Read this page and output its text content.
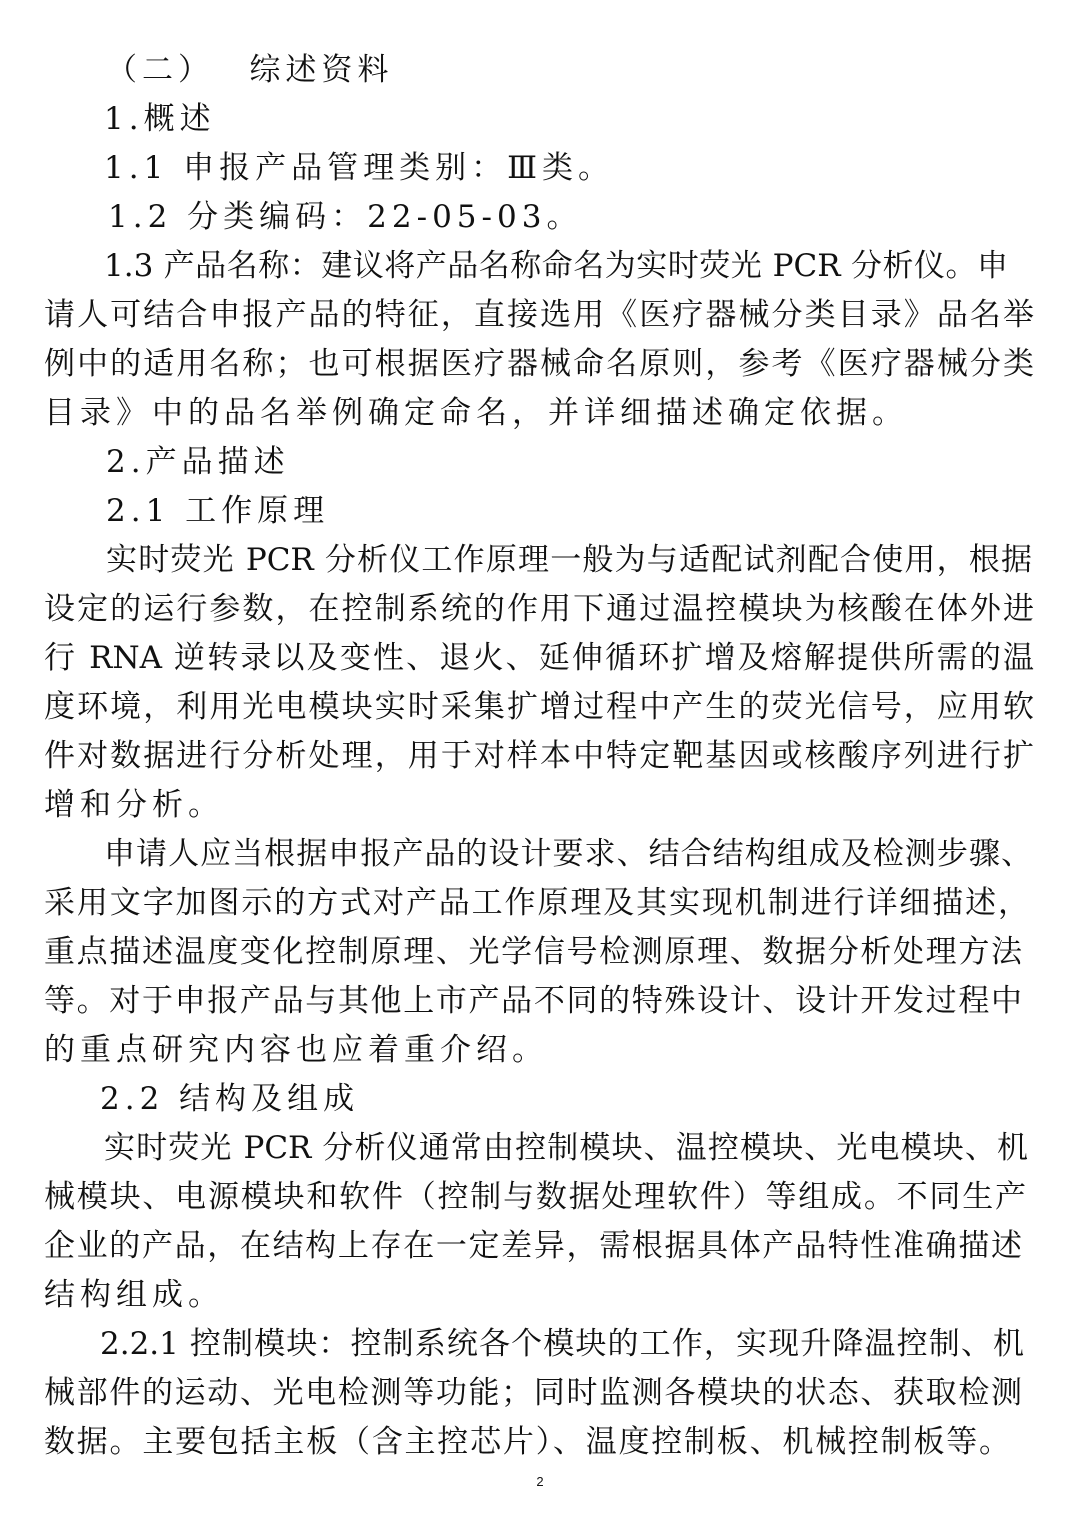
（二）　 综述资料
1.概述
1.1 申报产品管理类别：Ⅲ类。
1.2 分类编码：22-05-03。
1.3 产品名称：建议将产品名称命名为实时荧光 PCR 分析仪。申
请人可结合申报产品的特征，直接选用《医疗器械分类目录》品名举
例中的适用名称；也可根据医疗器械命名原则，参考《医疗器械分类
目录》中的品名举例确定命名，并详细描述确定依据。
2.产品描述
2.1 工作原理
实时荧光 PCR 分析仪工作原理一般为与适配试剂配合使用，根据
设定的运行参数，在控制系统的作用下通过温控模块为核酸在体外进
行 RNA 逆转录以及变性、退火、延伸循环扩增及熔解提供所需的温
度环境，利用光电模块实时采集扩增过程中产生的荧光信号，应用软
件对数据进行分析处理，用于对样本中特定靶基因或核酸序列进行扩
增和分析。
申请人应当根据申报产品的设计要求、结合结构组成及检测步骤、
采用文字加图示的方式对产品工作原理及其实现机制进行详细描述，
重点描述温度变化控制原理、光学信号检测原理、数据分析处理方法
等。对于申报产品与其他上市产品不同的特殊设计、设计开发过程中
的重点研究内容也应着重介绍。
2.2 结构及组成
实时荧光 PCR 分析仪通常由控制模块、温控模块、光电模块、机
械模块、电源模块和软件（控制与数据处理软件）等组成。不同生产
企业的产品，在结构上存在一定差异，需根据具体产品特性准确描述
结构组成。
2.2.1 控制模块：控制系统各个模块的工作，实现升降温控制、机
械部件的运动、光电检测等功能；同时监测各模块的状态、获取检测
数据。主要包括主板（含主控芯片）、温度控制板、机械控制板等。
2
